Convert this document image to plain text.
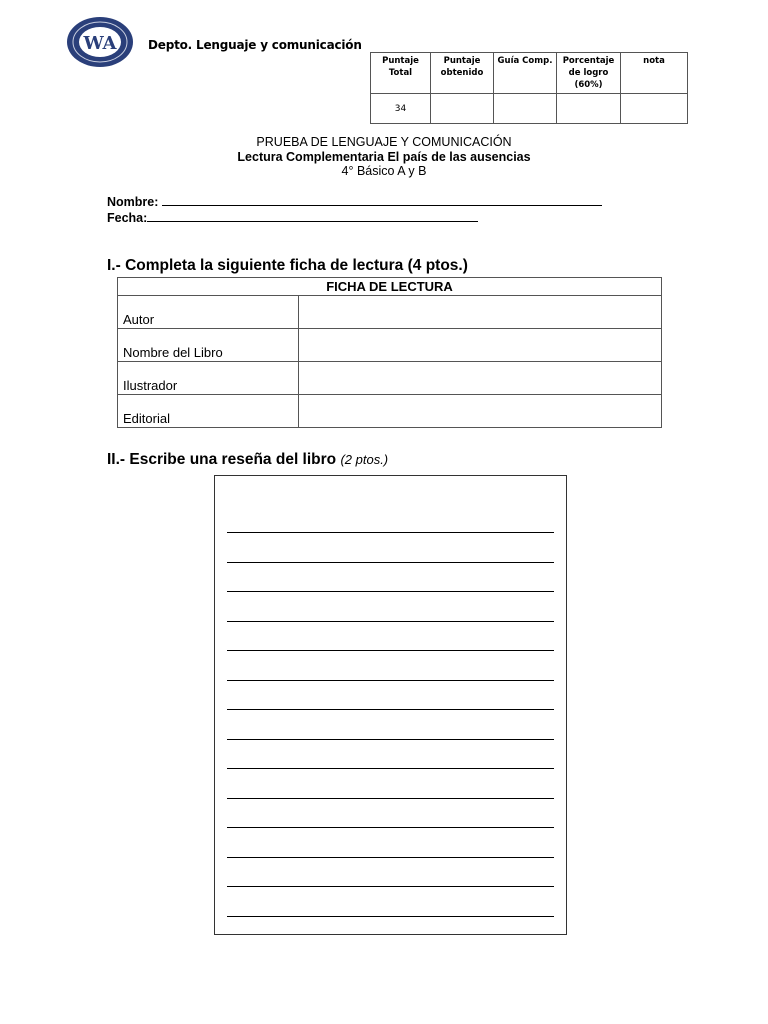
WA	Depto. Lenguaje y comunicación
Puntaje Total	Puntaje obtenido	Guía Comp.	Porcentaje de logro (60%)	nota
34				
PRUEBA DE LENGUAJE Y COMUNICACIÓN
Lectura Complementaria El país de las ausencias
4° Básico A y B
Nombre:
Fecha:
I.- Completa la siguiente ficha de lectura (4 ptos.)
FICHA DE LECTURA	
Autor	
Nombre del Libro	
Ilustrador	
Editorial	
II.- Escribe una reseña del libro (2 ptos.)
